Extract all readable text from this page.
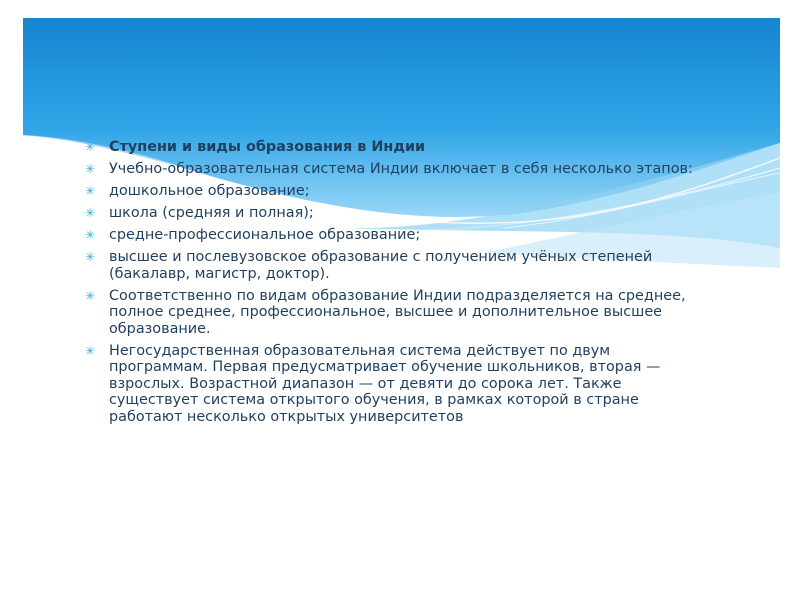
✳ Ступени и виды образования в Индии
✳ Учебно-образовательная система Индии включает в себя несколько этапов:
✳ дошкольное образование;
✳ школа (средняя и полная);
✳ средне-профессиональное образование;
✳ высшее и послевузовское образование с получением учёных степеней (бакалавр, магистр, доктор).
✳ Соответственно по видам образование Индии подразделяется на среднее, полное среднее, профессиональное, высшее и дополнительное высшее образование.
✳ Негосударственная образовательная система действует по двум программам. Первая предусматривает обучение школьников, вторая — взрослых. Возрастной диапазон — от девяти до сорока лет. Также существует система открытого обучения, в рамках которой в стране работают несколько открытых университетов
